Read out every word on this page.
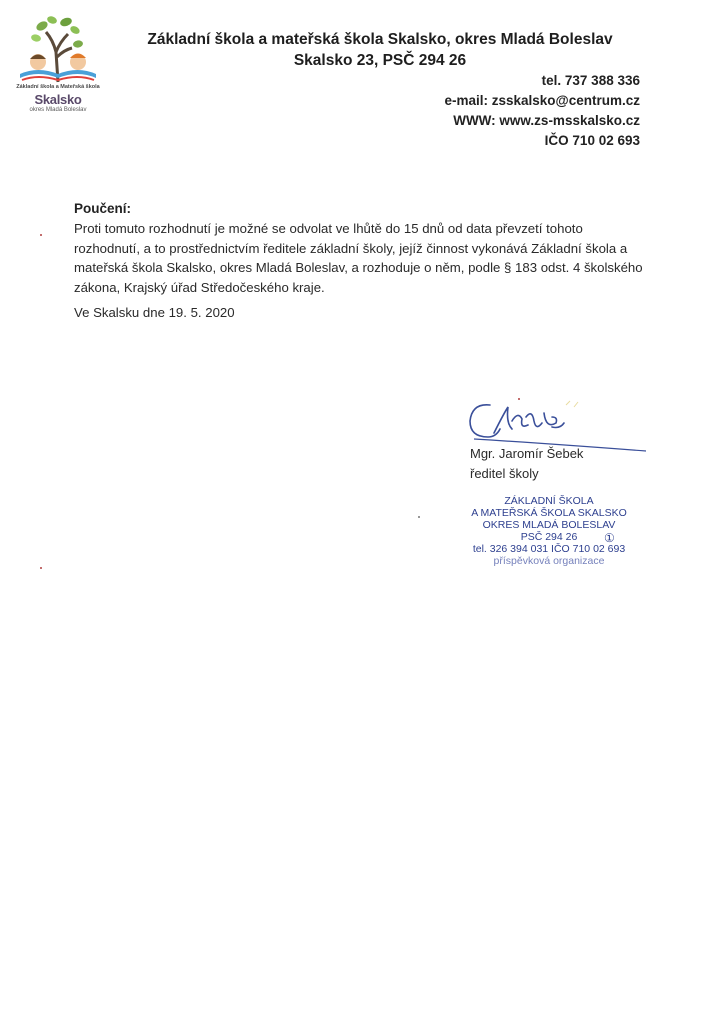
Základní škola a Mateřská škola
Skalsko
okres Mladá Boleslav
Základní škola a mateřská škola Skalsko, okres Mladá Boleslav
Skalsko 23, PSČ 294 26
tel. 737 388 336
e-mail: zsskalsko@centrum.cz
WWW: www.zs-msskalsko.cz
IČO 710 02 693
Poučení:
Proti tomuto rozhodnutí je možné se odvolat ve lhůtě do 15 dnů od data převzetí tohoto
rozhodnutí, a to prostřednictvím ředitele základní školy, jejíž činnost vykonává Základní škola a
mateřská škola Skalsko, okres Mladá Boleslav, a rozhoduje o něm, podle § 183 odst. 4 školského
zákona, Krajský úřad Středočeského kraje.
Ve Skalsku dne 19. 5. 2020
Mgr. Jaromír Šebek
ředitel školy
ZÁKLADNÍ ŠKOLA
A MATEŘSKÁ ŠKOLA SKALSKO
OKRES MLADÁ BOLESLAV
PSČ 294 26
tel. 326 394 031 IČO 710 02 693
příspěvková organizace
①
